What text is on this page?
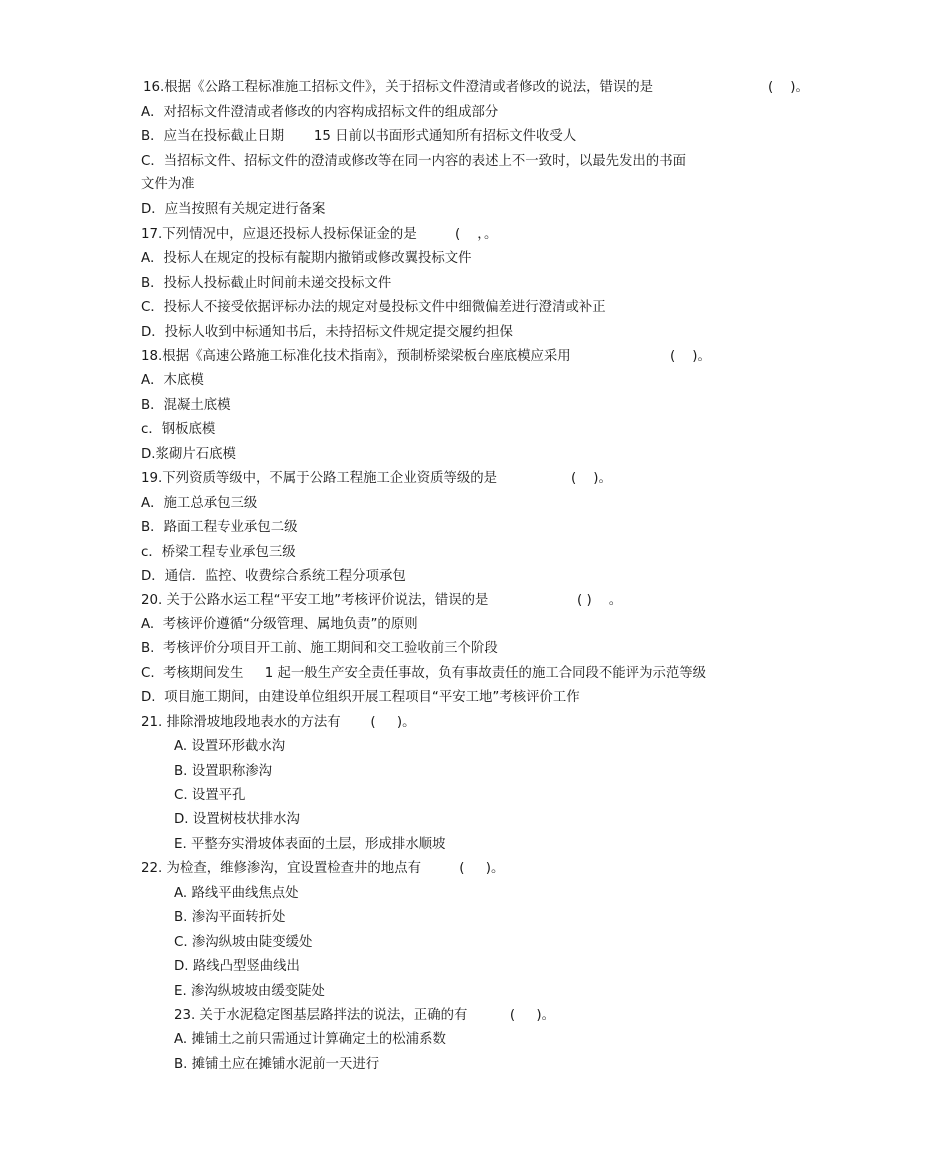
16.根据《公路工程标准施工招标文件》，关于招标文件澄清或者修改的说法，错误的是	(    )。
A．对招标文件澄清或者修改的内容构成招标文件的组成部分
B．应当在投标截止日期       15 日前以书面形式通知所有招标文件收受人
C．当招标文件、招标文件的澄清或修改等在同一内容的表述上不一致时，以最先发出的书面
文件为准
D．应当按照有关规定进行备案
17.下列情况中，应退还投标人投标保证金的是         (    ，。
A．投标人在规定的投标有靛期内撤销或修改翼投标文件
B．投标人投标截止时间前未递交投标文件
C．投标人不接受依据评标办法的规定对曼投标文件中细微偏差进行澄清或补正
D．投标人收到中标通知书后，未持招标文件规定提交履约担保
18.根据《高速公路施工标准化技术指南》，预制桥梁梁板台座底模应采用	(    )。
A．木底模
B．混凝土底模
c．钢板底模
D.浆砌片石底模
19.下列资质等级中，不属于公路工程施工企业资质等级的是	(    )。
A．施工总承包三级
B．路面工程专业承包二级
c．桥梁工程专业承包三级
D．通信．监控、收费综合系统工程分项承包
20. 关于公路水运工程“平安工地”考核评价说法，错误的是	( )    。
A.  考核评价遵循“分级管理、属地负责”的原则
B.  考核评价分项目开工前、施工期间和交工验收前三个阶段
C.  考核期间发生     1 起一般生产安全责任事故，负有事故责任的施工合同段不能评为示范等级
D.  项目施工期间，由建设单位组织开展工程项目“平安工地”考核评价工作
21. 排除滑坡地段地表水的方法有       (     )。
A. 设置环形截水沟
B. 设置职称渗沟
C. 设置平孔
D. 设置树枝状排水沟
E. 平整夯实滑坡体表面的土层，形成排水顺坡
22. 为检查，维修渗沟，宜设置检查井的地点有         (     )。
A. 路线平曲线焦点处
B. 渗沟平面转折处
C. 渗沟纵坡由陡变缓处
D. 路线凸型竖曲线出
E. 渗沟纵坡坡由缓变陡处
23. 关于水泥稳定图基层路拌法的说法，正确的有          (     )。
A. 摊铺土之前只需通过计算确定土的松浦系数
B. 摊铺土应在摊铺水泥前一天进行
